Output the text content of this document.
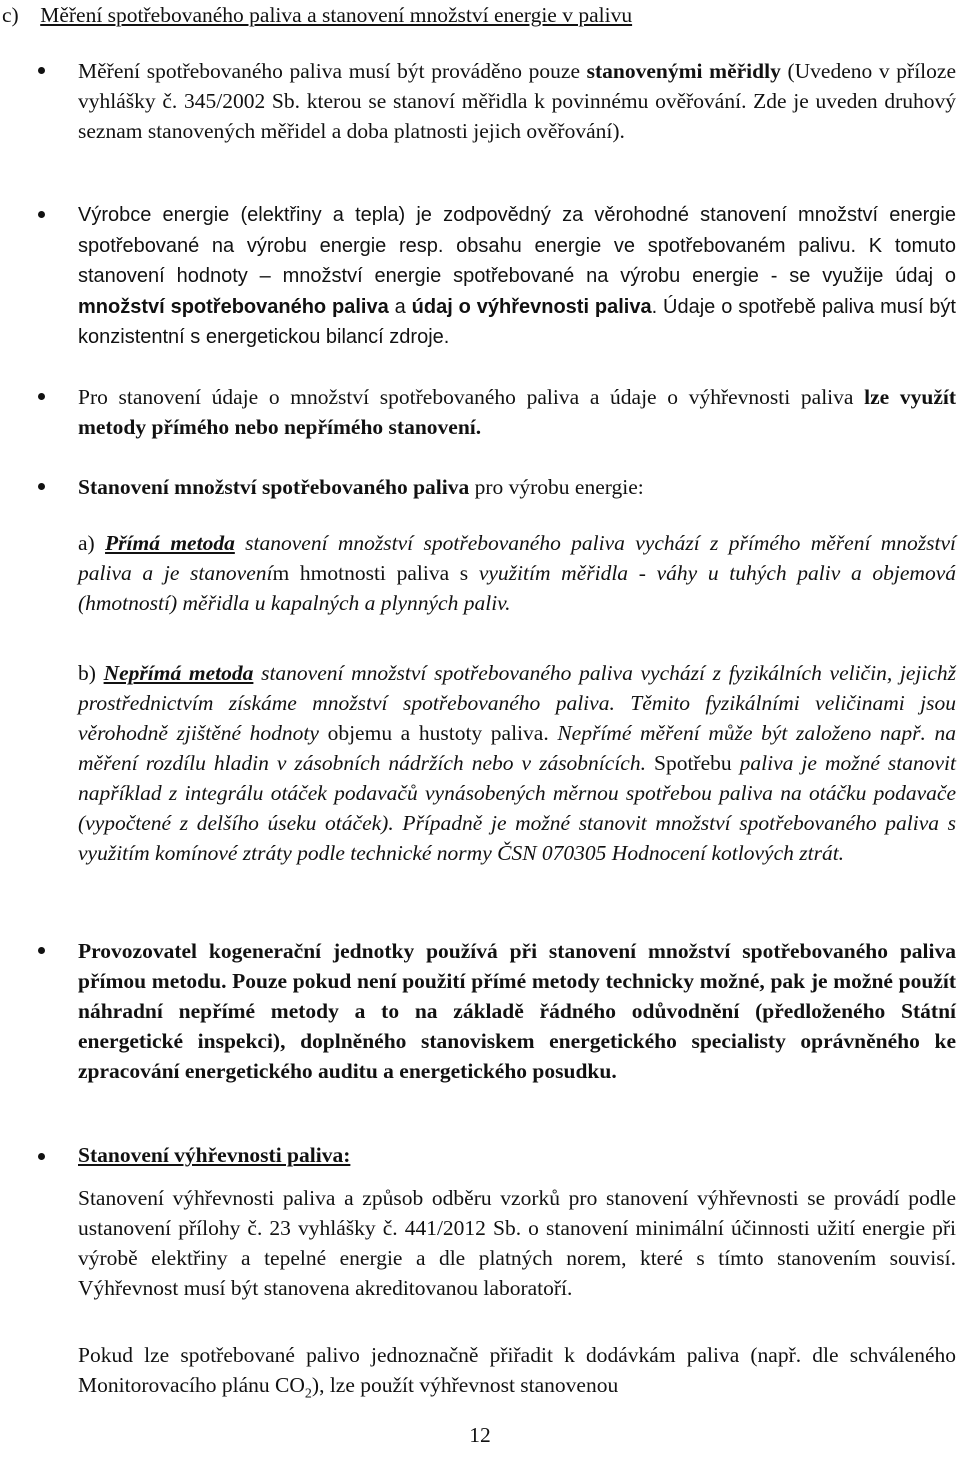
c) Měření spotřebovaného paliva a stanovení množství energie v palivu
Měření spotřebovaného paliva musí být prováděno pouze stanovenými měřidly (Uvedeno v příloze vyhlášky č. 345/2002 Sb. kterou se stanoví měřidla k povinnému ověřování. Zde je uveden druhový seznam stanovených měřidel a doba platnosti jejich ověřování).
Výrobce energie (elektřiny a tepla) je zodpovědný za věrohodné stanovení množství energie spotřebované na výrobu energie resp. obsahu energie ve spotřebovaném palivu. K tomuto stanovení hodnoty – množství energie spotřebované na výrobu energie - se využije údaj o množství spotřebovaného paliva a údaj o výhřevnosti paliva. Údaje o spotřebě paliva musí být konzistentní s energetickou bilancí zdroje.
Pro stanovení údaje o množství spotřebovaného paliva a údaje o výhřevnosti paliva lze využít metody přímého nebo nepřímého stanovení.
Stanovení množství spotřebovaného paliva pro výrobu energie:
a) Přímá metoda stanovení množství spotřebovaného paliva vychází z přímého měření množství paliva a je stanovením hmotnosti paliva s využitím měřidla - váhy u tuhých paliv a objemová (hmotností) měřidla u kapalných a plynných paliv.
b) Nepřímá metoda stanovení množství spotřebovaného paliva vychází z fyzikálních veličin, jejichž prostřednictvím získáme množství spotřebovaného paliva. Těmito fyzikálními veličinami jsou věrohodně zjištěné hodnoty objemu a hustoty paliva. Nepřímé měření může být založeno např. na měření rozdílu hladin v zásobních nádržích nebo v zásobnících. Spotřebu paliva je možné stanovit například z integrálu otáček podavačů vynásobených měrnou spotřebou paliva na otáčku podavače (vypočtené z delšího úseku otáček). Případně je možné stanovit množství spotřebovaného paliva s využitím komínové ztráty podle technické normy ČSN 070305 Hodnocení kotlových ztrát.
Provozovatel kogenerační jednotky používá při stanovení množství spotřebovaného paliva přímou metodu. Pouze pokud není použití přímé metody technicky možné, pak je možné použít náhradní nepřímé metody a to na základě řádného odůvodnění (předloženého Státní energetické inspekci), doplněného stanoviskem energetického specialisty oprávněného ke zpracování energetického auditu a energetického posudku.
Stanovení výhřevnosti paliva:
Stanovení výhřevnosti paliva a způsob odběru vzorků pro stanovení výhřevnosti se provádí podle ustanovení přílohy č. 23 vyhlášky č. 441/2012 Sb. o stanovení minimální účinnosti užití energie při výrobě elektřiny a tepelné energie a dle platných norem, které s tímto stanovením souvisí. Výhřevnost musí být stanovena akreditovanou laboratoří.
Pokud lze spotřebované palivo jednoznačně přiřadit k dodávkám paliva (např. dle schváleného Monitorovacího plánu $CO_2$), lze použít výhřevnost stanovenou
12
